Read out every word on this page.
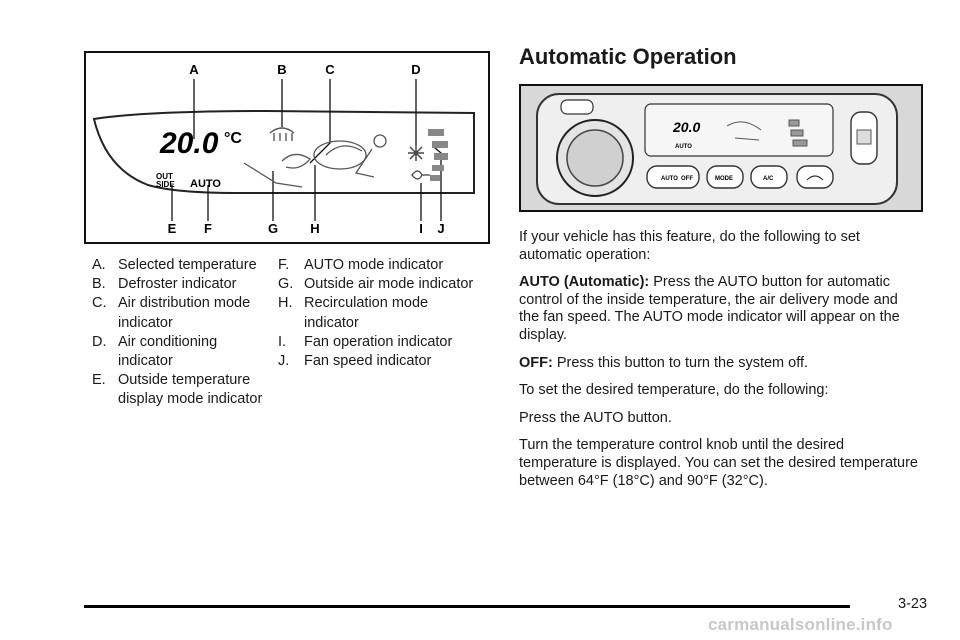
A	B	C	D
E F	G H	I J
20.0 °C
OUT
SIDE AUTO
A. Selected temperature
B. Defroster indicator
C. Air distribution mode indicator
D. Air conditioning indicator
E. Outside temperature display mode indicator
F. AUTO mode indicator
G. Outside air mode indicator
H. Recirculation mode indicator
I. Fan operation indicator
J. Fan speed indicator
Automatic Operation
20.0
AUTO
AUTO OFF	MODE	A/C

If your vehicle has this feature, do the following to set automatic operation:

AUTO (Automatic): Press the AUTO button for automatic control of the inside temperature, the air delivery mode and the fan speed. The AUTO mode indicator will appear on the display.

OFF: Press this button to turn the system off.

To set the desired temperature, do the following:

Press the AUTO button.

Turn the temperature control knob until the desired temperature is displayed. You can set the desired temperature between 64°F (18°C) and 90°F (32°C).

3-23
carmanualsonline.info
